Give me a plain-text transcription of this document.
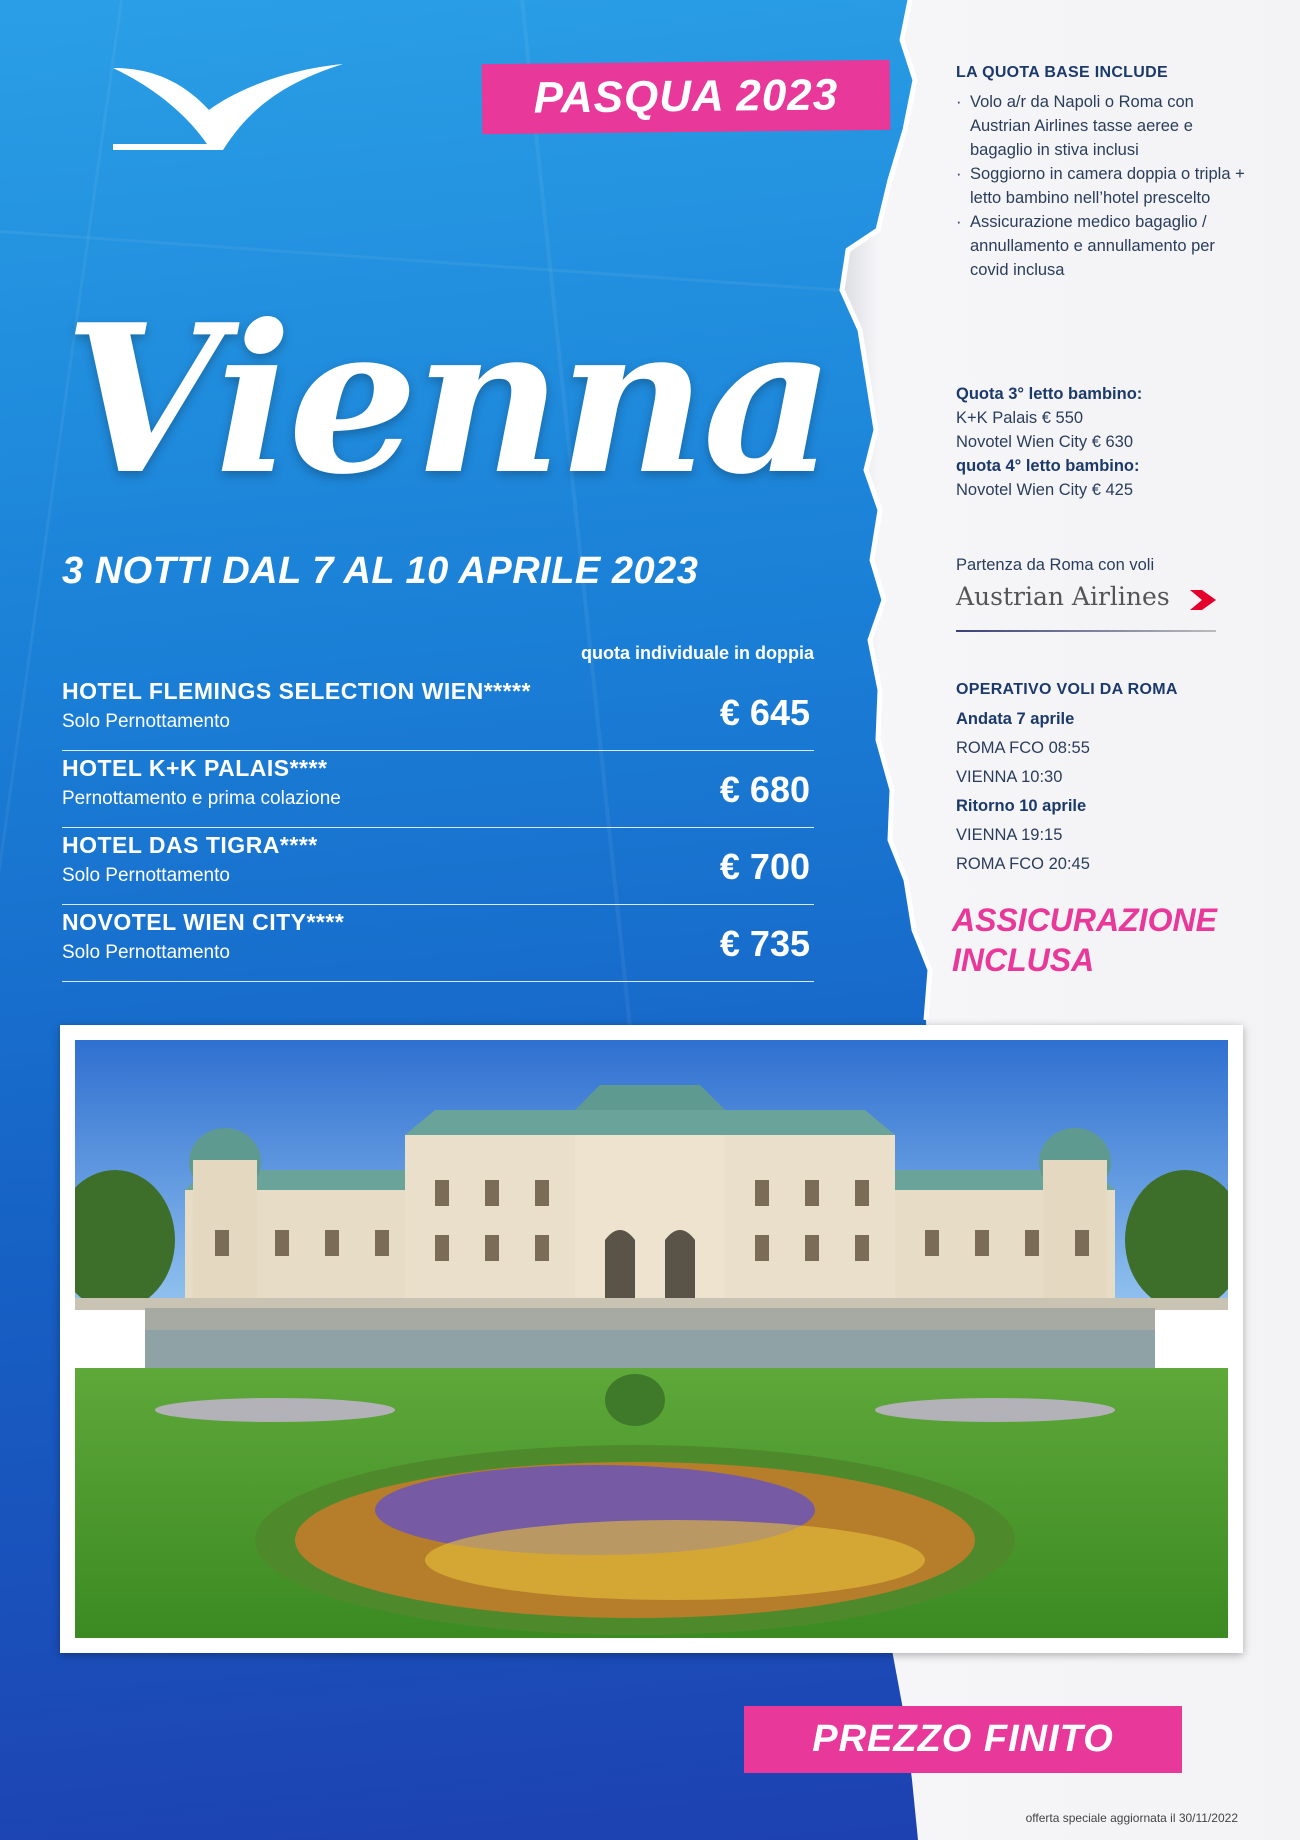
PASQUA 2023
Vienna
3 NOTTI DAL 7 AL 10 APRILE 2023
quota individuale in doppia
HOTEL FLEMINGS SELECTION WIEN*****
Solo Pernottamento	€ 645
HOTEL K+K PALAIS****
Pernottamento e prima colazione	€ 680
HOTEL DAS TIGRA****
Solo Pernottamento	€ 700
NOVOTEL WIEN CITY****
Solo Pernottamento	€ 735
LA QUOTA BASE INCLUDE
· Volo a/r da Napoli o Roma con Austrian Airlines tasse aeree e bagaglio in stiva inclusi
· Soggiorno in camera doppia o tripla + letto bambino nell’hotel prescelto
· Assicurazione medico bagaglio / annullamento e annullamento per covid inclusa
Quota 3° letto bambino:
K+K Palais € 550
Novotel Wien City € 630
quota 4° letto bambino:
Novotel Wien City € 425
Partenza da Roma con voli
Austrian Airlines
OPERATIVO VOLI DA ROMA
Andata 7 aprile
ROMA FCO 08:55
VIENNA 10:30
Ritorno 10 aprile
VIENNA 19:15
ROMA FCO 20:45
ASSICURAZIONE
INCLUSA
PREZZO FINITO
offerta speciale aggiornata il 30/11/2022
